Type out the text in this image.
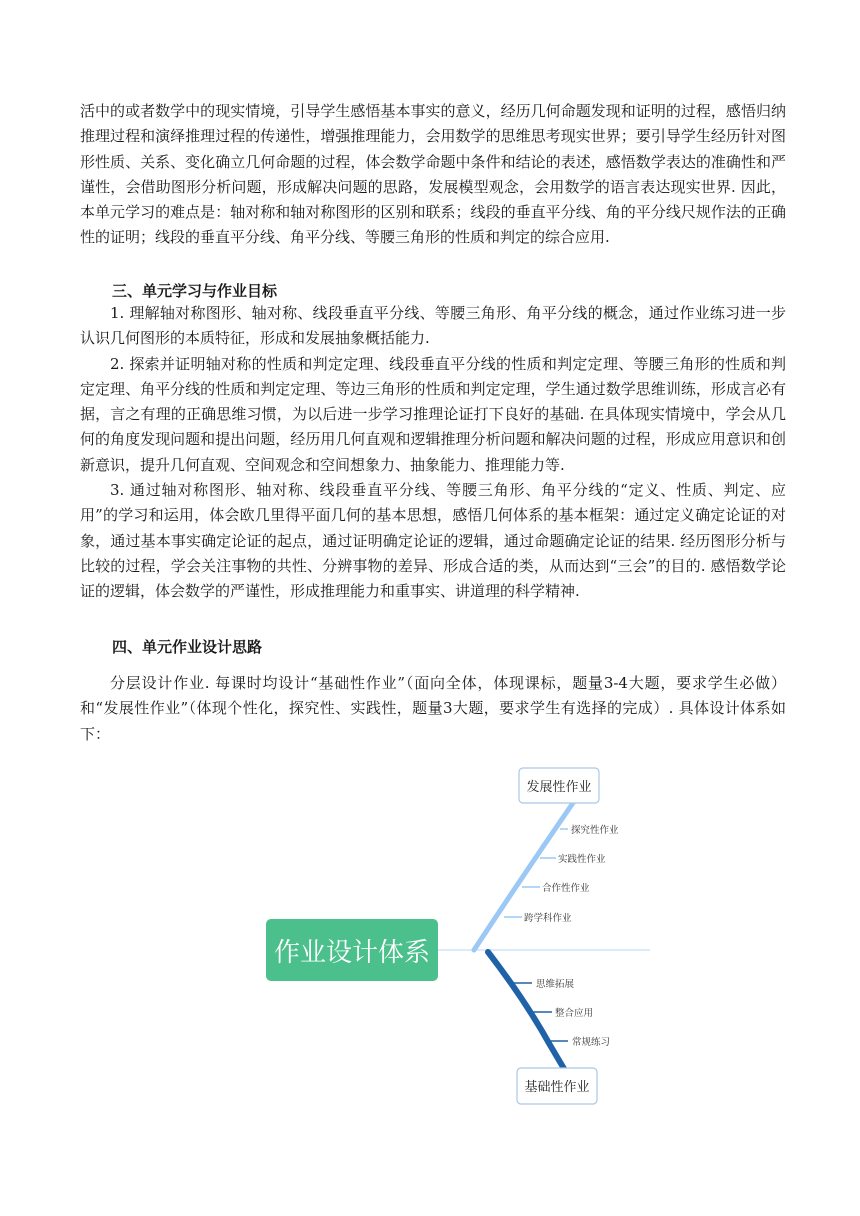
活中的或者数学中的现实情境，引导学生感悟基本事实的意义，经历几何命题发现和证明的过程，感悟归纳推理过程和演绎推理过程的传递性，增强推理能力，会用数学的思维思考现实世界；要引导学生经历针对图形性质、关系、变化确立几何命题的过程，体会数学命题中条件和结论的表述，感悟数学表达的准确性和严谨性，会借助图形分析问题，形成解决问题的思路，发展模型观念，会用数学的语言表达现实世界. 因此，本单元学习的难点是：轴对称和轴对称图形的区别和联系；线段的垂直平分线、角的平分线尺规作法的正确性的证明；线段的垂直平分线、角平分线、等腰三角形的性质和判定的综合应用.

三、单元学习与作业目标

1. 理解轴对称图形、轴对称、线段垂直平分线、等腰三角形、角平分线的概念，通过作业练习进一步认识几何图形的本质特征，形成和发展抽象概括能力.

2. 探索并证明轴对称的性质和判定定理、线段垂直平分线的性质和判定定理、等腰三角形的性质和判定定理、角平分线的性质和判定定理、等边三角形的性质和判定定理，学生通过数学思维训练，形成言必有据，言之有理的正确思维习惯，为以后进一步学习推理论证打下良好的基础. 在具体现实情境中，学会从几何的角度发现问题和提出问题，经历用几何直观和逻辑推理分析问题和解决问题的过程，形成应用意识和创新意识，提升几何直观、空间观念和空间想象力、抽象能力、推理能力等.

3. 通过轴对称图形、轴对称、线段垂直平分线、等腰三角形、角平分线的“定义、性质、判定、应用”的学习和运用，体会欧几里得平面几何的基本思想，感悟几何体系的基本框架：通过定义确定论证的对象，通过基本事实确定论证的起点，通过证明确定论证的逻辑，通过命题确定论证的结果. 经历图形分析与比较的过程，学会关注事物的共性、分辨事物的差异、形成合适的类，从而达到“三会”的目的. 感悟数学论证的逻辑，体会数学的严谨性，形成推理能力和重事实、讲道理的科学精神.

四、单元作业设计思路

分层设计作业. 每课时均设计“基础性作业”（面向全体，体现课标，题量3-4大题，要求学生必做）和“发展性作业”（体现个性化，探究性、实践性，题量3大题，要求学生有选择的完成）. 具体设计体系如下：

作业设计体系
发展性作业
探究性作业
实践性作业
合作性作业
跨学科作业
思维拓展
整合应用
常规练习
基础性作业
